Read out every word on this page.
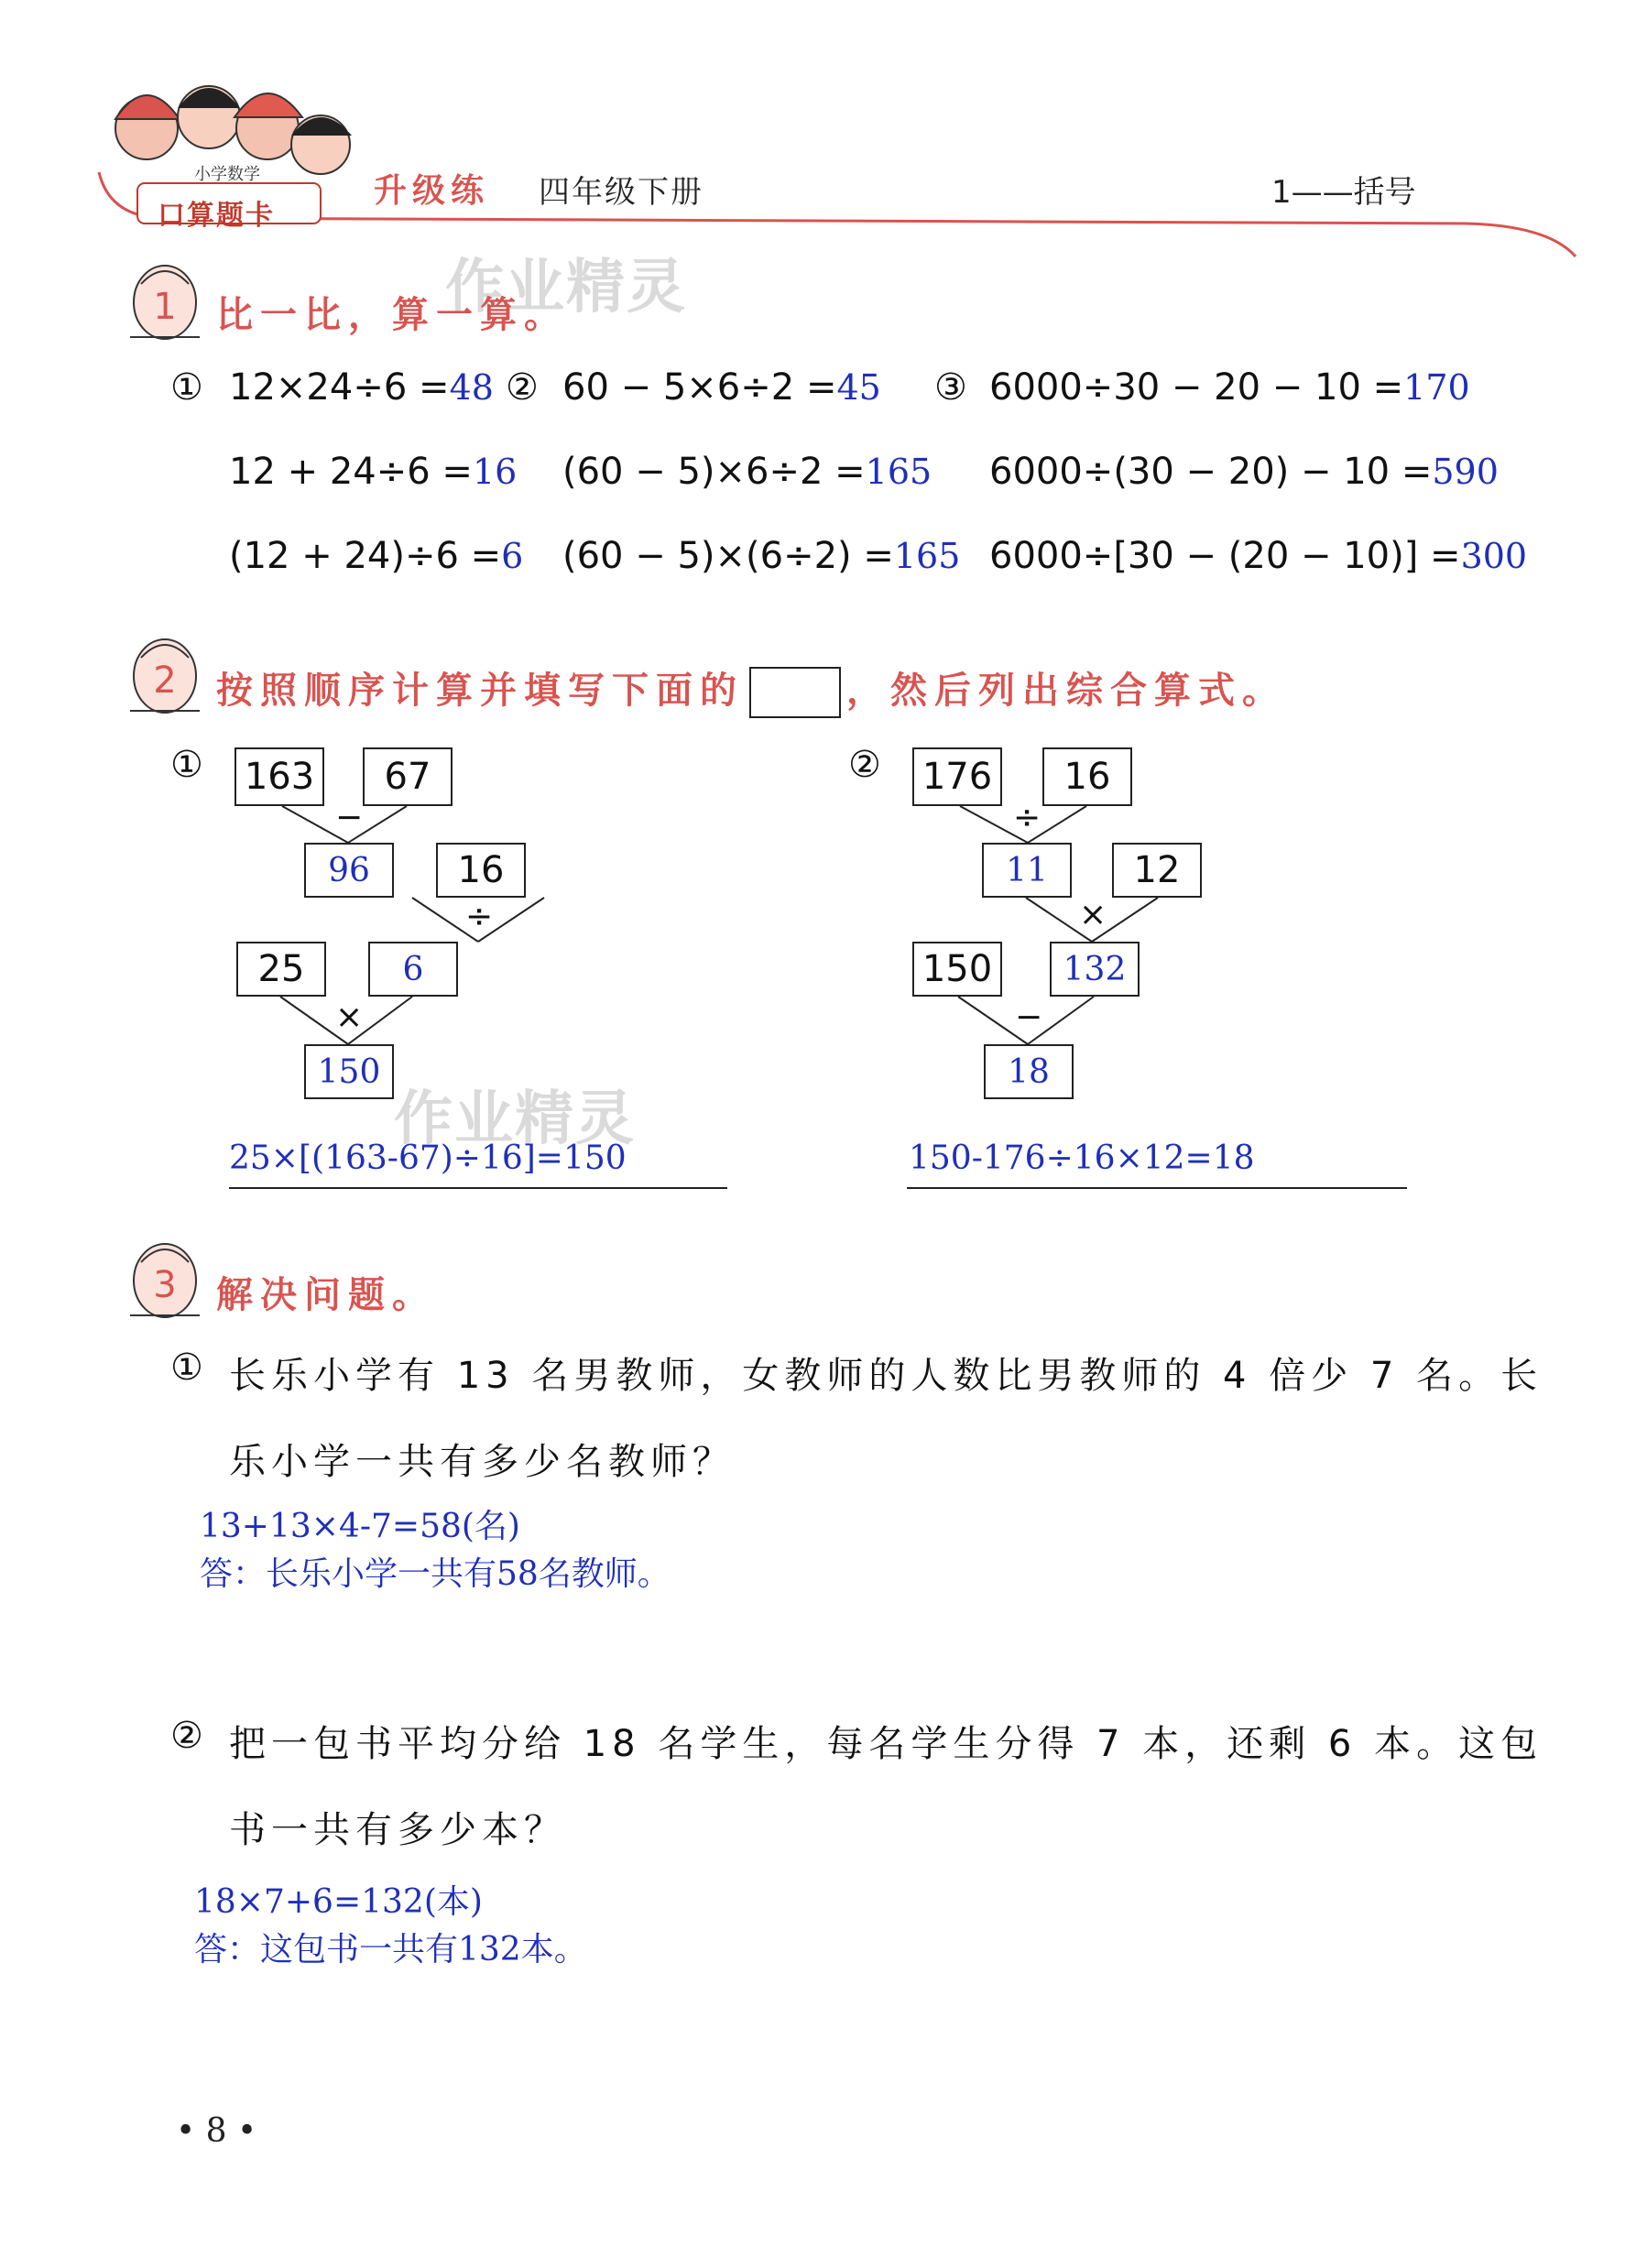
小学数学
口算题卡
升级练 四年级下册	1——括号
作业精灵
作业精灵
1 比一比，算一算。
① 12×24÷6 =48
12 + 24÷6 =16
(12 + 24)÷6 =6
② 60 − 5×6÷2 =45
(60 − 5)×6÷2 =165
(60 − 5)×(6÷2) =165
③ 6000÷30 − 20 − 10 =170
6000÷(30 − 20) − 10 =590
6000÷[30 − (20 − 10)] =300
2 按照顺序计算并填写下面的	，然后列出综合算式。
① 163	67
−
96	16
÷
25	6
×
150
25×[(163-67)÷16]=150
② 176	16
÷
11	12
×
150	132
−
18
150-176÷16×12=18
3 解决问题。
① 长乐小学有 13 名男教师，女教师的人数比男教师的 4 倍少 7 名。长
乐小学一共有多少名教师？
13+13×4-7=58(名)
答：长乐小学一共有58名教师。
② 把一包书平均分给 18 名学生，每名学生分得 7 本，还剩 6 本。这包
书一共有多少本？
18×7+6=132(本)
答：这包书一共有132本。
• 8 •
